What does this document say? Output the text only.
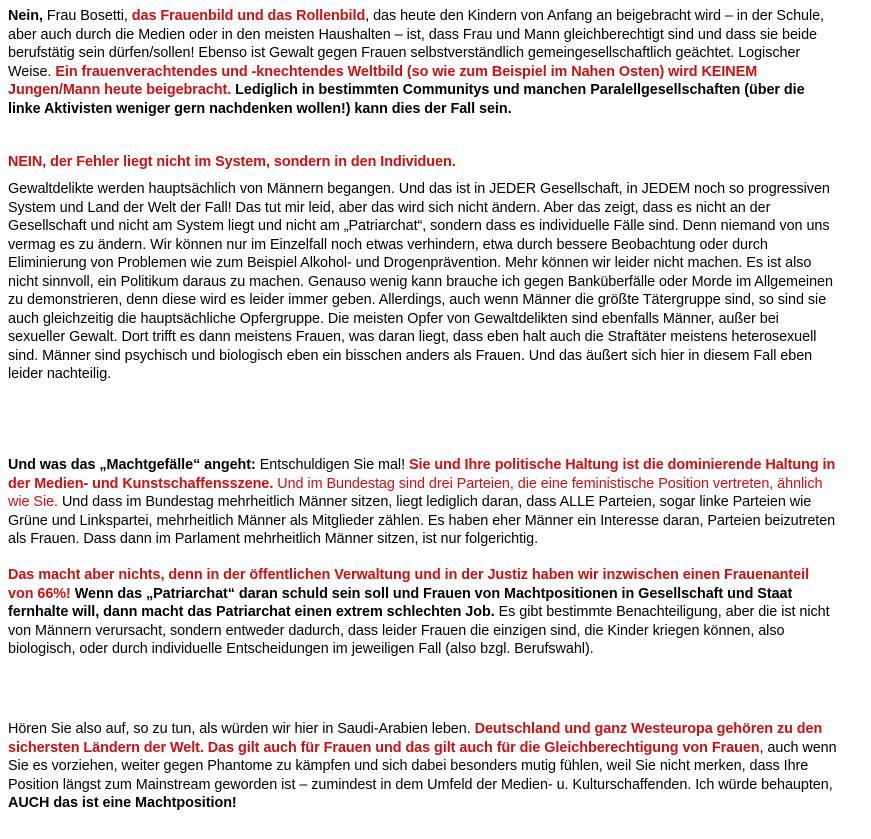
Nein, Frau Bosetti, das Frauenbild und das Rollenbild, das heute den Kindern von Anfang an beigebracht wird – in der Schule, aber auch durch die Medien oder in den meisten Haushalten – ist, dass Frau und Mann gleichberechtigt sind und dass sie beide berufstätig sein dürfen/sollen! Ebenso ist Gewalt gegen Frauen selbstverständlich gemeingesellschaftlich geächtet. Logischer Weise. Ein frauenverachtendes und -knechtendes Weltbild (so wie zum Beispiel im Nahen Osten) wird KEINEM Jungen/Mann heute beigebracht. Lediglich in bestimmten Communitys und manchen Paralellgesellschaften (über die linke Aktivisten weniger gern nachdenken wollen!) kann dies der Fall sein.

NEIN, der Fehler liegt nicht im System, sondern in den Individuen.

Gewaltdelikte werden hauptsächlich von Männern begangen. Und das ist in JEDER Gesellschaft, in JEDEM noch so progressiven System und Land der Welt der Fall! Das tut mir leid, aber das wird sich nicht ändern. Aber das zeigt, dass es nicht an der Gesellschaft und nicht am System liegt und nicht am „Patriarchat“, sondern dass es individuelle Fälle sind. Denn niemand von uns vermag es zu ändern. Wir können nur im Einzelfall noch etwas verhindern, etwa durch bessere Beobachtung oder durch Eliminierung von Problemen wie zum Beispiel Alkohol- und Drogenprävention. Mehr können wir leider nicht machen. Es ist also nicht sinnvoll, ein Politikum daraus zu machen. Genauso wenig kann brauche ich gegen Banküberfälle oder Morde im Allgemeinen zu demonstrieren, denn diese wird es leider immer geben. Allerdings, auch wenn Männer die größte Tätergruppe sind, so sind sie auch gleichzeitig die hauptsächliche Opfergruppe. Die meisten Opfer von Gewaltdelikten sind ebenfalls Männer, außer bei sexueller Gewalt. Dort trifft es dann meistens Frauen, was daran liegt, dass eben halt auch die Straftäter meistens heterosexuell sind. Männer sind psychisch und biologisch eben ein bisschen anders als Frauen. Und das äußert sich hier in diesem Fall eben leider nachteilig.

Und was das „Machtgefälle“ angeht: Entschuldigen Sie mal! Sie und Ihre politische Haltung ist die dominierende Haltung in der Medien- und Kunstschaffensszene. Und im Bundestag sind drei Parteien, die eine feministische Position vertreten, ähnlich wie Sie. Und dass im Bundestag mehrheitlich Männer sitzen, liegt lediglich daran, dass ALLE Parteien, sogar linke Parteien wie Grüne und Linkspartei, mehrheitlich Männer als Mitglieder zählen. Es haben eher Männer ein Interesse daran, Parteien beizutreten als Frauen. Dass dann im Parlament mehrheitlich Männer sitzen, ist nur folgerichtig.

Das macht aber nichts, denn in der öffentlichen Verwaltung und in der Justiz haben wir inzwischen einen Frauenanteil von 66%! Wenn das „Patriarchat“ daran schuld sein soll und Frauen von Machtpositionen in Gesellschaft und Staat fernhalte will, dann macht das Patriarchat einen extrem schlechten Job. Es gibt bestimmte Benachteiligung, aber die ist nicht von Männern verursacht, sondern entweder dadurch, dass leider Frauen die einzigen sind, die Kinder kriegen können, also biologisch, oder durch individuelle Entscheidungen im jeweiligen Fall (also bzgl. Berufswahl).

Hören Sie also auf, so zu tun, als würden wir hier in Saudi-Arabien leben. Deutschland und ganz Westeuropa gehören zu den sichersten Ländern der Welt. Das gilt auch für Frauen und das gilt auch für die Gleichberechtigung von Frauen, auch wenn Sie es vorziehen, weiter gegen Phantome zu kämpfen und sich dabei besonders mutig fühlen, weil Sie nicht merken, dass Ihre Position längst zum Mainstream geworden ist – zumindest in dem Umfeld der Medien- u. Kulturschaffenden. Ich würde behaupten, AUCH das ist eine Machtposition!
